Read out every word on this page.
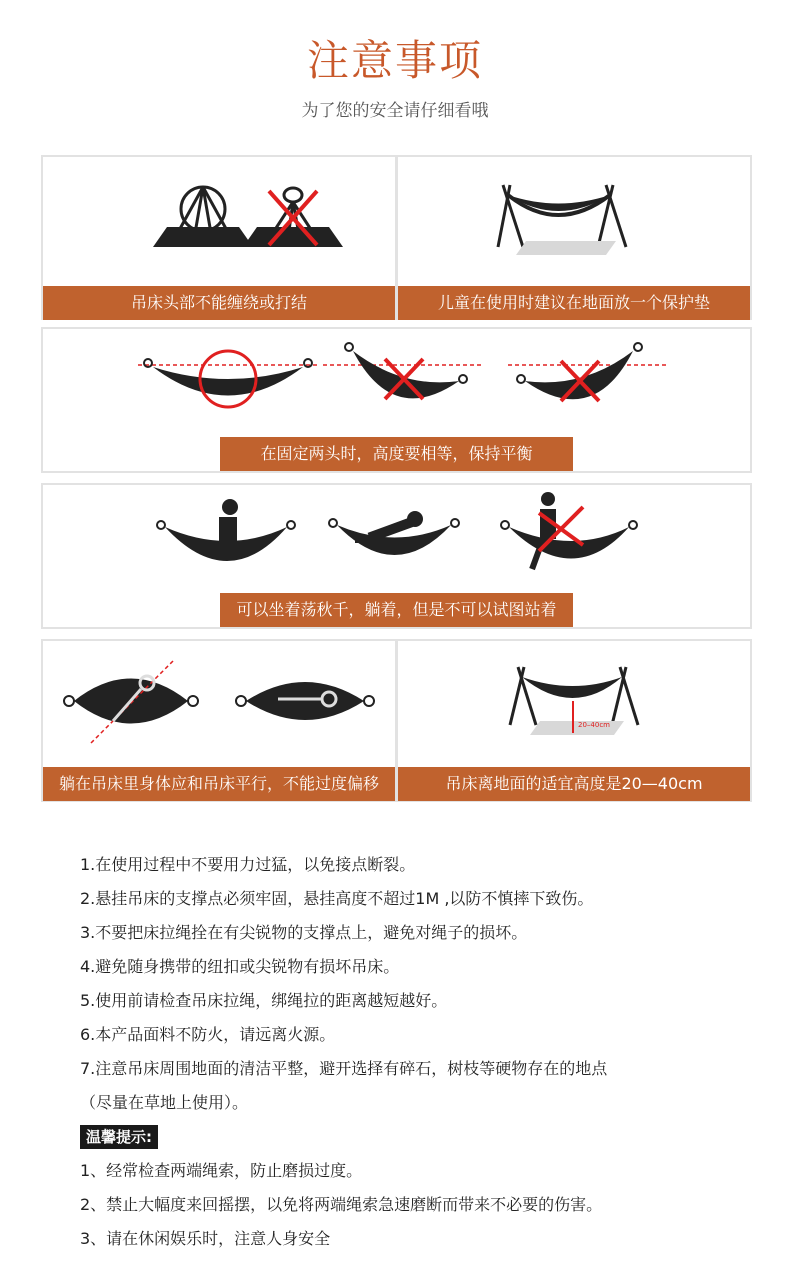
注意事项
为了您的安全请仔细看哦
吊床头部不能缠绕或打结	儿童在使用时建议在地面放一个保护垫
在固定两头时，高度要相等，保持平衡
可以坐着荡秋千，躺着，但是不可以试图站着
躺在吊床里身体应和吊床平行，不能过度偏移
20–40cm
吊床离地面的适宜高度是20—40cm
1.在使用过程中不要用力过猛，以免接点断裂。
2.悬挂吊床的支撑点必须牢固，悬挂高度不超过1M ,以防不慎摔下致伤。
3.不要把床拉绳拴在有尖锐物的支撑点上，避免对绳子的损坏。
4.避免随身携带的纽扣或尖锐物有损坏吊床。
5.使用前请检查吊床拉绳，绑绳拉的距离越短越好。
6.本产品面料不防火，请远离火源。
7.注意吊床周围地面的清洁平整，避开选择有碎石，树枝等硬物存在的地点
（尽量在草地上使用）。
温馨提示:
1、经常检查两端绳索，防止磨损过度。
2、禁止大幅度来回摇摆，以免将两端绳索急速磨断而带来不必要的伤害。
3、请在休闲娱乐时，注意人身安全
